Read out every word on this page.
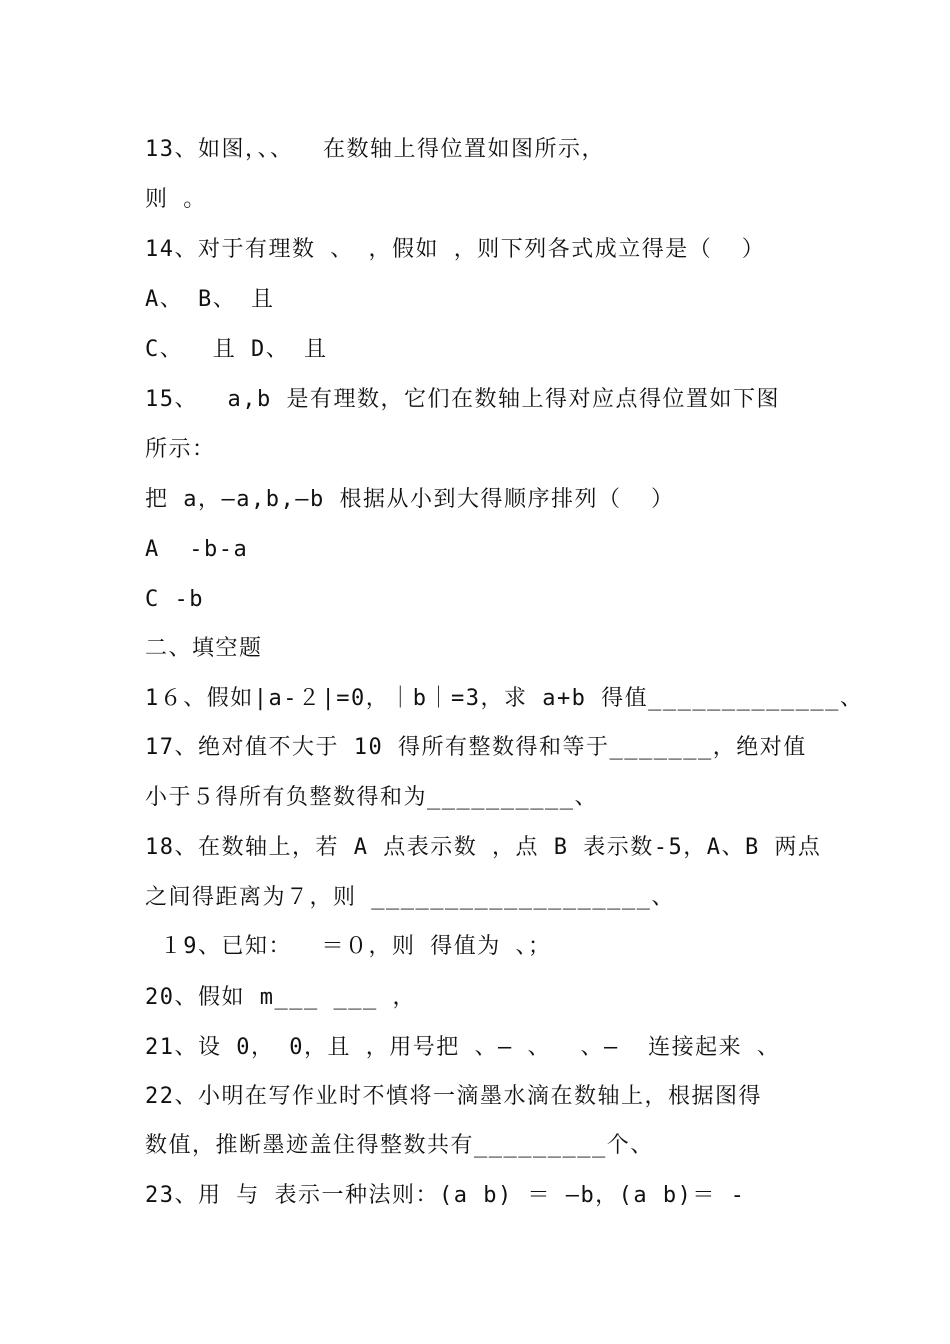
13、如图，、、  在数轴上得位置如图所示，
则 。
14、对于有理数 、 ，假如 ，则下列各式成立得是（  ）
A、 B、 且
C、  且 D、 且
15、  a,b 是有理数，它们在数轴上得对应点得位置如下图
所示：
把 a，—a,b,—b 根据从小到大得顺序排列（  ）
A  -b-a
C -b
二、填空题
1６、假如|a-２|=0，｜b｜=3，求 a+b 得值_____________、
17、绝对值不大于 10 得所有整数得和等于_______，绝对值
小于５得所有负整数得和为__________、
18、在数轴上，若 A 点表示数 ，点 B 表示数-5，A、B 两点
之间得距离为７，则 ___________________、
１9、已知：  ＝０，则 得值为 、；
20、假如 m___ ___ ，
21、设 0， 0，且 ，用号把 、— 、  、—  连接起来 、
22、小明在写作业时不慎将一滴墨水滴在数轴上，根据图得
数值，推断墨迹盖住得整数共有_________个、
23、用 与 表示一种法则：(a b) ＝ —b，(a b)＝ -
